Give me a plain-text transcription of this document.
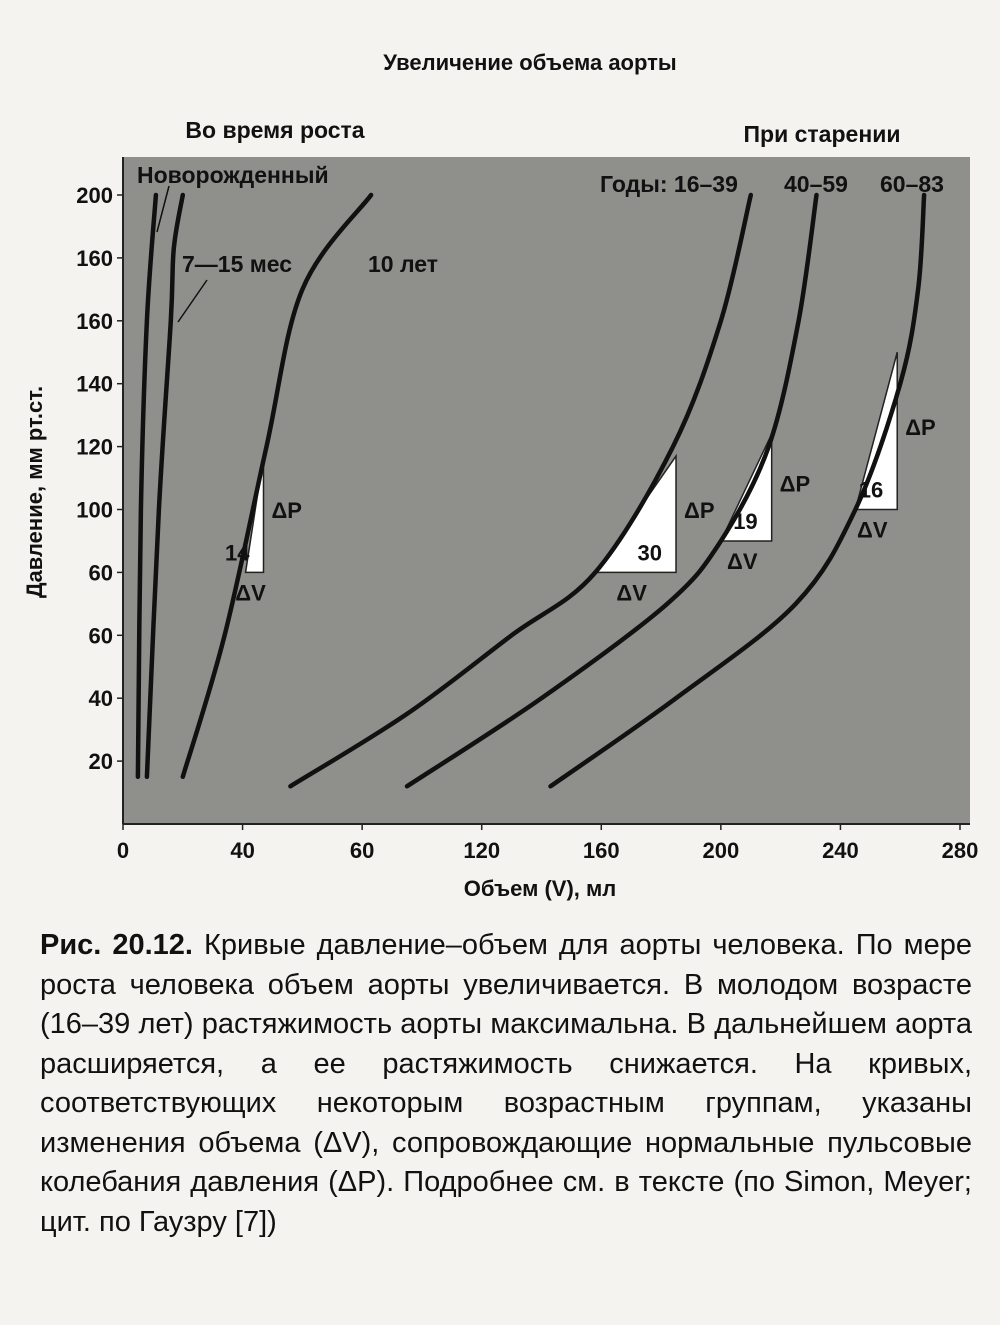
Увеличение объема аорты
Во время роста	При старении
0	40	60	120	160	200	240	280
20
40
60
60
100
120
140
160
160
200
14
ΔP
ΔV
30
ΔP
ΔV
19
ΔP
ΔV
16
ΔP
ΔV
Новорожденный
7—15 мес	10 лет
Годы: 16–39 40–59 60–83
Объем (V), мл
Давление, мм рт.ст.
Рис. 20.12. Кривые давление–объем для аорты человека. По мере роста человека объем аорты увеличивается. В молодом возрасте (16–39 лет) растяжимость аорты максимальна. В дальнейшем аорта расширяется, а ее растяжимость снижается. На кривых, соответствующих некоторым возрастным группам, указаны изменения объема (ΔV), сопровождающие нормальные пульсовые колебания давления (ΔP). Подробнее см. в тексте (по Simon, Meyer; цит. по Гаузру [7])
